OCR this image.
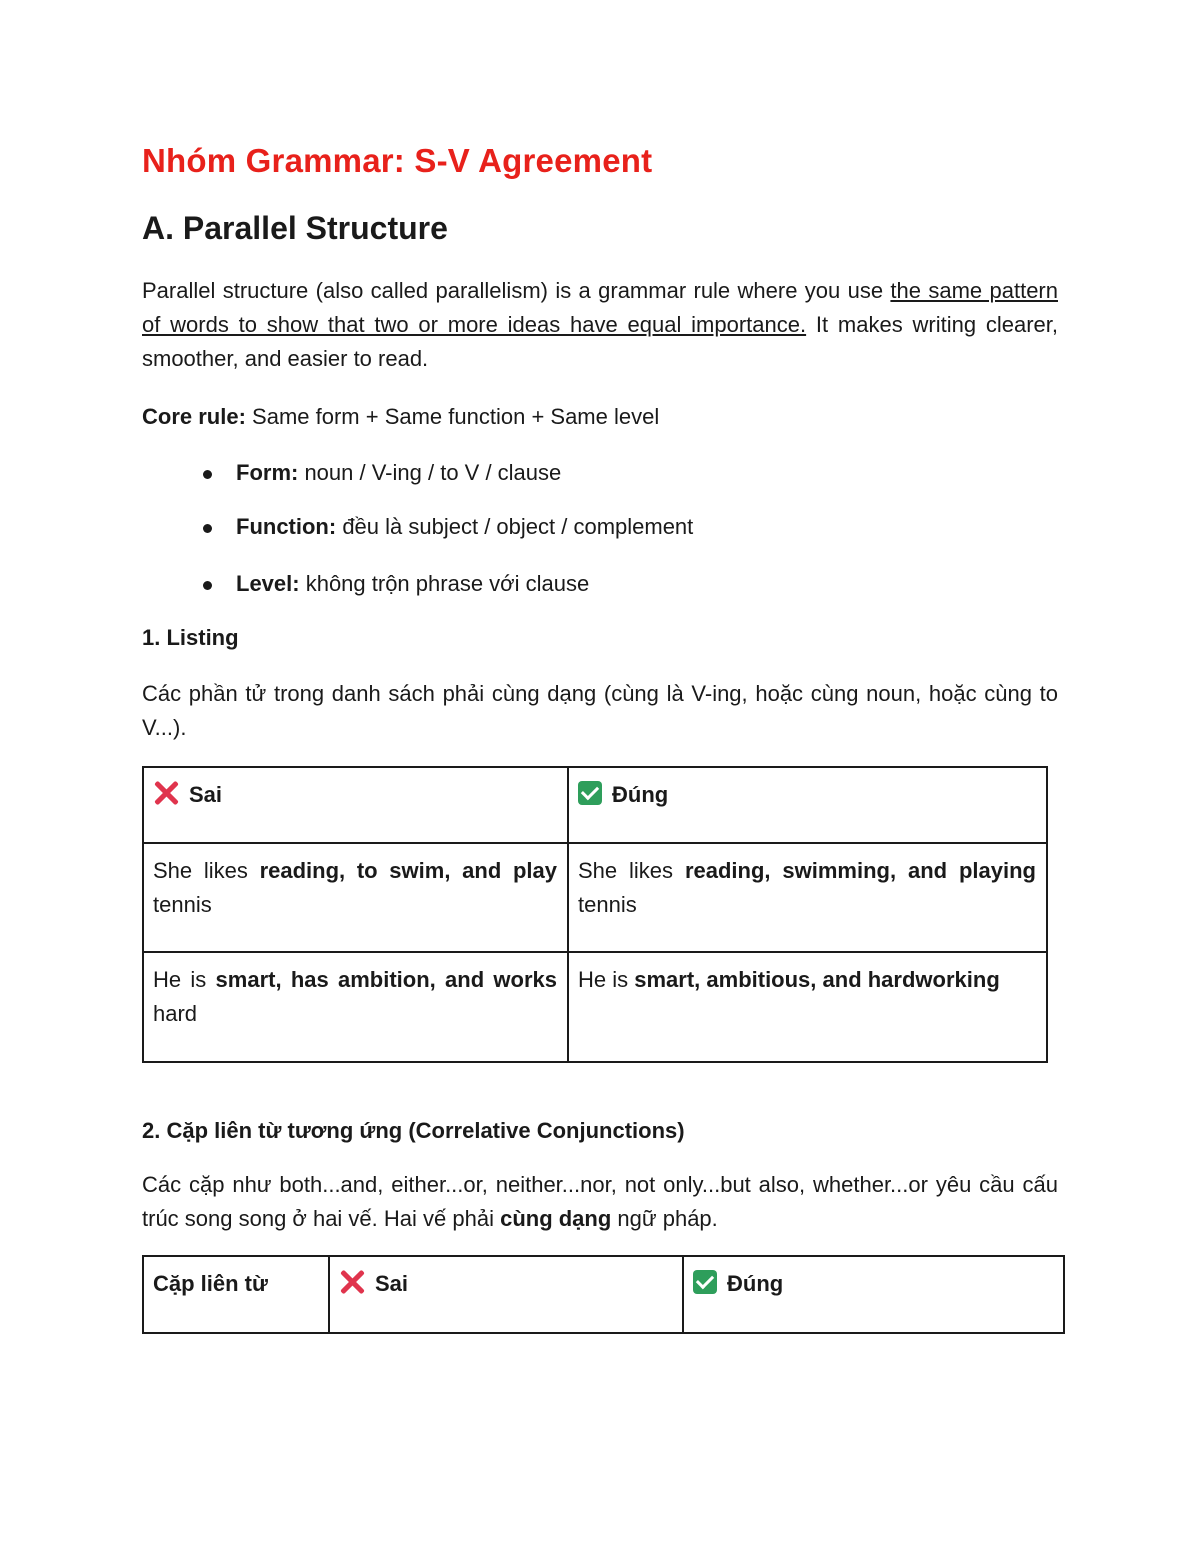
Nhóm Grammar: S-V Agreement
A. Parallel Structure

Parallel structure (also called parallelism) is a grammar rule where you use the same pattern of words to show that two or more ideas have equal importance. It makes writing clearer, smoother, and easier to read.

Core rule: Same form + Same function + Same level

Form: noun / V-ing / to V / clause
Function: đều là subject / object / complement
Level: không trộn phrase với clause
1. Listing

Các phần tử trong danh sách phải cùng dạng (cùng là V-ing, hoặc cùng noun, hoặc cùng to V...).

Sai	Đúng
She likes reading, to swim, and play tennis	She likes reading, swimming, and playing tennis
He is smart, has ambition, and works hard	He is smart, ambitious, and hardworking
2. Cặp liên từ tương ứng (Correlative Conjunctions)

Các cặp như both...and, either...or, neither...nor, not only...but also, whether...or yêu cầu cấu trúc song song ở hai vế. Hai vế phải cùng dạng ngữ pháp.

Cặp liên từ	Sai	Đúng
